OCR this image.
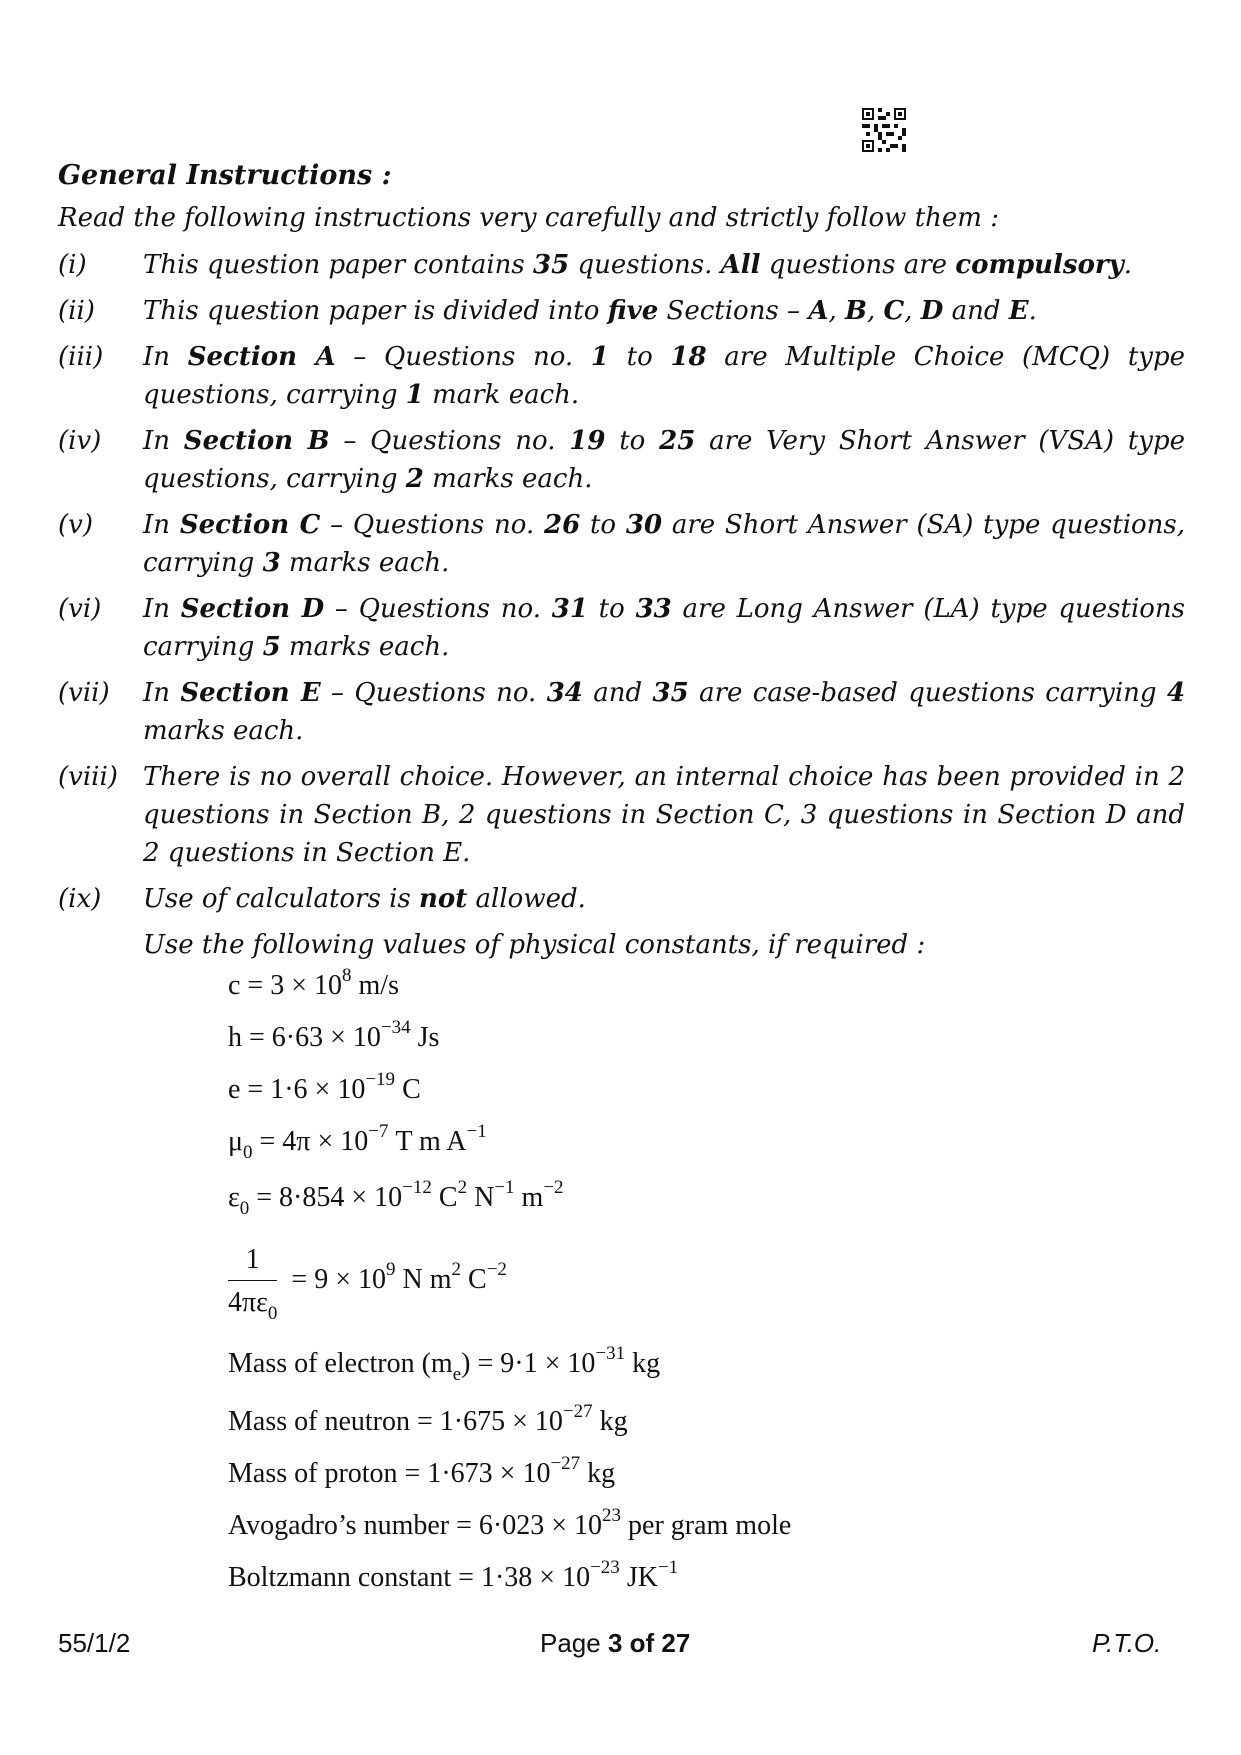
General Instructions :
Read the following instructions very carefully and strictly follow them :
(i)	This question paper contains 35 questions. All questions are compulsory.
(ii)	This question paper is divided into five Sections – A, B, C, D and E.
(iii)	In Section A – Questions no. 1 to 18 are Multiple Choice (MCQ) type questions, carrying 1 mark each.
(iv)	In Section B – Questions no. 19 to 25 are Very Short Answer (VSA) type questions, carrying 2 marks each.
(v)	In Section C – Questions no. 26 to 30 are Short Answer (SA) type questions, carrying 3 marks each.
(vi)	In Section D – Questions no. 31 to 33 are Long Answer (LA) type questions carrying 5 marks each.
(vii)	In Section E – Questions no. 34 and 35 are case-based questions carrying 4 marks each.
(viii) There is no overall choice. However, an internal choice has been provided in 2 questions in Section B, 2 questions in Section C, 3 questions in Section D and 2 questions in Section E.
(ix)	Use of calculators is not allowed.
Use the following values of physical constants, if required :
$c = 3 \times 10^8$ m/s
$h = 6\cdot 63 \times 10^{-34}$ Js
$e = 1\cdot 6 \times 10^{-19}$ C
$\mu_0 = 4\pi \times 10^{-7}$ T m $A^{-1}$
$\varepsilon_0 = 8\cdot 854 \times 10^{-12}$ $C^2$ $N^{-1}$ $m^{-2}$
$\frac{1}{4\pi\varepsilon_0} = 9 \times 10^9$ N $m^2$ $C^{-2}$
Mass of electron $(m_e) = 9\cdot 1 \times 10^{-31}$ kg
Mass of neutron = $1\cdot 675 \times 10^{-27}$ kg
Mass of proton = $1\cdot 673 \times 10^{-27}$ kg
Avogadro’s number = $6\cdot 023 \times 10^{23}$ per gram mole
Boltzmann constant = $1\cdot 38 \times 10^{-23}$ $JK^{-1}$
55/1/2	Page 3 of 27	P.T.O.
